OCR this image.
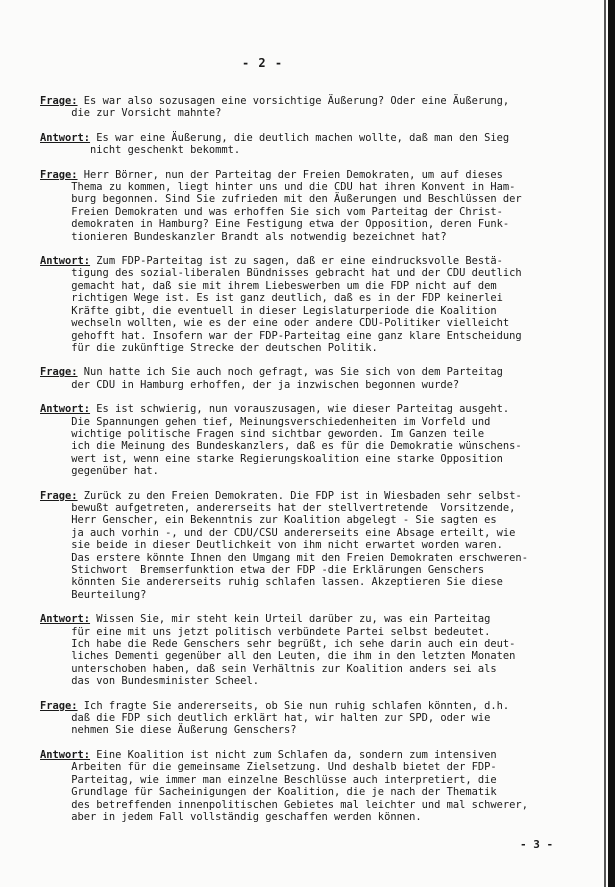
- 2 -
Frage: Es war also sozusagen eine vorsichtige Äußerung? Oder eine Äußerung,
die zur Vorsicht mahnte?
Antwort: Es war eine Äußerung, die deutlich machen wollte, daß man den Sieg
nicht geschenkt bekommt.
Frage: Herr Börner, nun der Parteitag der Freien Demokraten, um auf dieses
Thema zu kommen, liegt hinter uns und die CDU hat ihren Konvent in Ham-
burg begonnen. Sind Sie zufrieden mit den Äußerungen und Beschlüssen der
Freien Demokraten und was erhoffen Sie sich vom Parteitag der Christ-
demokraten in Hamburg? Eine Festigung etwa der Opposition, deren Funk-
tionieren Bundeskanzler Brandt als notwendig bezeichnet hat?
Antwort: Zum FDP-Parteitag ist zu sagen, daß er eine eindrucksvolle Bestä-
tigung des sozial-liberalen Bündnisses gebracht hat und der CDU deutlich
gemacht hat, daß sie mit ihrem Liebeswerben um die FDP nicht auf dem
richtigen Wege ist. Es ist ganz deutlich, daß es in der FDP keinerlei
Kräfte gibt, die eventuell in dieser Legislaturperiode die Koalition
wechseln wollten, wie es der eine oder andere CDU-Politiker vielleicht
gehofft hat. Insofern war der FDP-Parteitag eine ganz klare Entscheidung
für die zukünftige Strecke der deutschen Politik.
Frage: Nun hatte ich Sie auch noch gefragt, was Sie sich von dem Parteitag
der CDU in Hamburg erhoffen, der ja inzwischen begonnen wurde?
Antwort: Es ist schwierig, nun vorauszusagen, wie dieser Parteitag ausgeht.
Die Spannungen gehen tief, Meinungsverschiedenheiten im Vorfeld und
wichtige politische Fragen sind sichtbar geworden. Im Ganzen teile
ich die Meinung des Bundeskanzlers, daß es für die Demokratie wünschens-
wert ist, wenn eine starke Regierungskoalition eine starke Opposition
gegenüber hat.
Frage: Zurück zu den Freien Demokraten. Die FDP ist in Wiesbaden sehr selbst-
bewußt aufgetreten, andererseits hat der stellvertretende  Vorsitzende,
Herr Genscher, ein Bekenntnis zur Koalition abgelegt - Sie sagten es
ja auch vorhin -, und der CDU/CSU andererseits eine Absage erteilt, wie
sie beide in dieser Deutlichkeit von ihm nicht erwartet worden waren.
Das erstere könnte Ihnen den Umgang mit den Freien Demokraten erschweren-
Stichwort  Bremserfunktion etwa der FDP -die Erklärungen Genschers
könnten Sie andererseits ruhig schlafen lassen. Akzeptieren Sie diese
Beurteilung?
Antwort: Wissen Sie, mir steht kein Urteil darüber zu, was ein Parteitag
für eine mit uns jetzt politisch verbündete Partei selbst bedeutet.
Ich habe die Rede Genschers sehr begrüßt, ich sehe darin auch ein deut-
liches Dementi gegenüber all den Leuten, die ihm in den letzten Monaten
unterschoben haben, daß sein Verhältnis zur Koalition anders sei als
das von Bundesminister Scheel.
Frage: Ich fragte Sie andererseits, ob Sie nun ruhig schlafen könnten, d.h.
daß die FDP sich deutlich erklärt hat, wir halten zur SPD, oder wie
nehmen Sie diese Äußerung Genschers?
Antwort: Eine Koalition ist nicht zum Schlafen da, sondern zum intensiven
Arbeiten für die gemeinsame Zielsetzung. Und deshalb bietet der FDP-
Parteitag, wie immer man einzelne Beschlüsse auch interpretiert, die
Grundlage für Sacheinigungen der Koalition, die je nach der Thematik
des betreffenden innenpolitischen Gebietes mal leichter und mal schwerer,
aber in jedem Fall vollständig geschaffen werden können.
- 3 -
